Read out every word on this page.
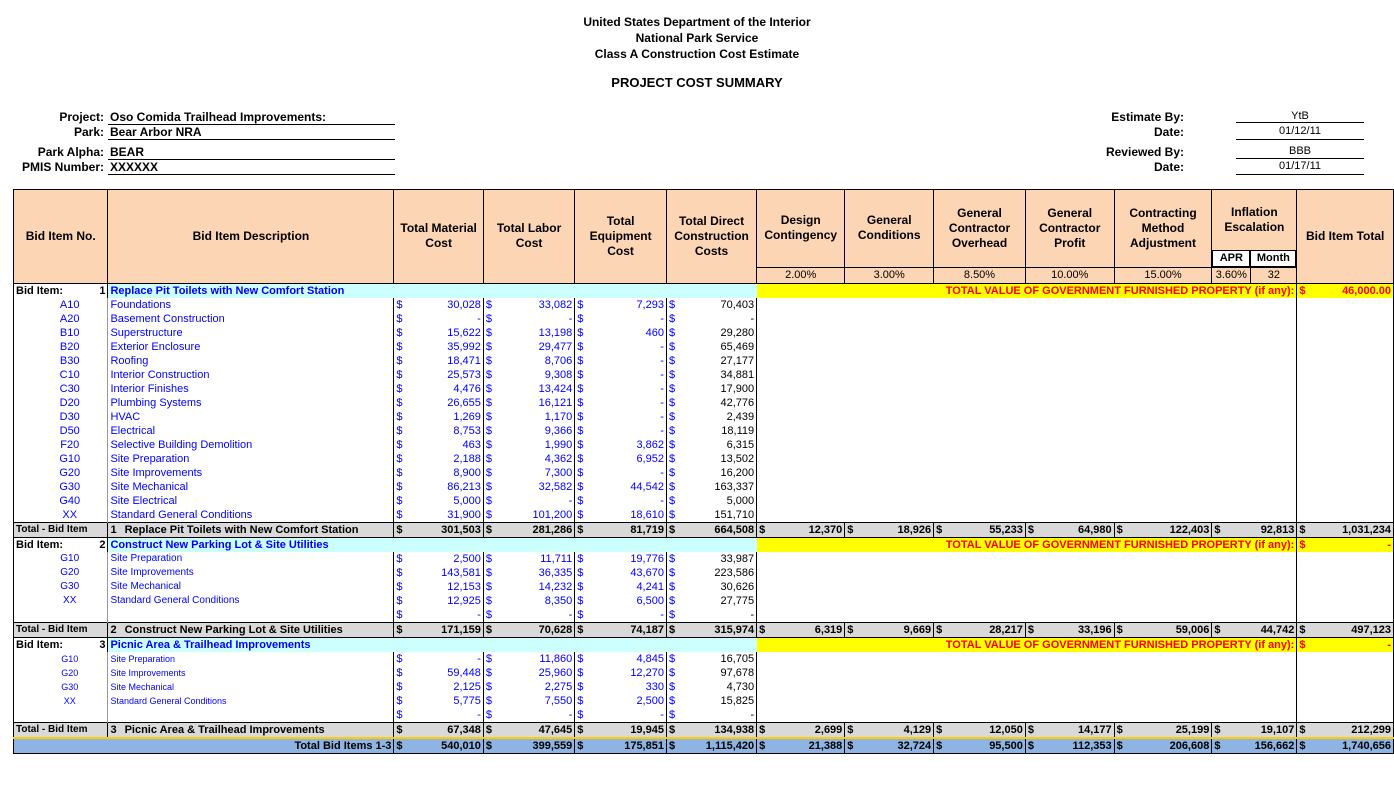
United States Department of the Interior
National Park Service
Class A Construction Cost Estimate
PROJECT COST SUMMARY
Project: Oso Comida Trailhead Improvements:
Park: Bear Arbor NRA
Park Alpha: BEAR
PMIS Number: XXXXXX
Estimate By:	YtB
Date:	01/12/11
Reviewed By:	BBB
Date:	01/17/11
Bid Item No.	Bid Item Description	Total Material Cost		Total Labor Cost		Total Equipment Cost		Total Direct Construction Costs		Design Contingency		General Conditions		General Contractor Overhead		General Contractor Profit		Contracting Method Adjustment		Inflation Escalation		Bid Item Total	

																				APR Month			

										2.00%		3.00%		8.50%		10.00%		15.00%		3.60% 32			

Bid Item: 1	Replace Pit Toilets with New Comfort Station									TOTAL VALUE OF GOVERNMENT FURNISHED PROPERTY (if any):												$	46,000.00
A10	Foundations	$	30,028	$	33,082	$	7,293	$	70,403														
A20	Basement Construction	$	-	$	-	$	-	$	-														
B10	Superstructure	$	15,622	$	13,198	$	460	$	29,280														
B20	Exterior Enclosure	$	35,992	$	29,477	$	-	$	65,469														
B30	Roofing	$	18,471	$	8,706	$	-	$	27,177														
C10	Interior Construction	$	25,573	$	9,308	$	-	$	34,881														
C30	Interior Finishes	$	4,476	$	13,424	$	-	$	17,900														
D20	Plumbing Systems	$	26,655	$	16,121	$	-	$	42,776														
D30	HVAC	$	1,269	$	1,170	$	-	$	2,439														
D50	Electrical	$	8,753	$	9,366	$	-	$	18,119														
F20	Selective Building Demolition	$	463	$	1,990	$	3,862	$	6,315														
G10	Site Preparation	$	2,188	$	4,362	$	6,952	$	13,502														
G20	Site Improvements	$	8,900	$	7,300	$	-	$	16,200														
G30	Site Mechanical	$	86,213	$	32,582	$	44,542	$	163,337														
G40	Site Electrical	$	5,000	$	-	$	-	$	5,000														
XX	Standard General Conditions	$	31,900	$	101,200	$	18,610	$	151,710														
Total - Bid Item	1 Replace Pit Toilets with New Comfort Station	$	301,503	$	281,286	$	81,719	$	664,508	$	12,370	$	18,926	$	55,233	$	64,980	$	122,403	$	92,813	$	1,031,234
Bid Item: 2	Construct New Parking Lot & Site Utilities									TOTAL VALUE OF GOVERNMENT FURNISHED PROPERTY (if any):												$	-
G10	Site Preparation	$	2,500	$	11,711	$	19,776	$	33,987														
G20	Site Improvements	$	143,581	$	36,335	$	43,670	$	223,586														
G30	Site Mechanical	$	12,153	$	14,232	$	4,241	$	30,626														
XX	Standard General Conditions	$	12,925	$	8,350	$	6,500	$	27,775														
		$	-	$	-	$	-	$	-														
Total - Bid Item	2 Construct New Parking Lot & Site Utilities	$	171,159	$	70,628	$	74,187	$	315,974	$	6,319	$	9,669	$	28,217	$	33,196	$	59,006	$	44,742	$	497,123
Bid Item: 3	Picnic Area & Trailhead Improvements									TOTAL VALUE OF GOVERNMENT FURNISHED PROPERTY (if any):												$	-
G10	Site Preparation	$	-	$	11,860	$	4,845	$	16,705														
G20	Site Improvements	$	59,448	$	25,960	$	12,270	$	97,678														
G30	Site Mechanical	$	2,125	$	2,275	$	330	$	4,730														
XX	Standard General Conditions	$	5,775	$	7,550	$	2,500	$	15,825														
		$	-	$	-	$	-	$	-														
Total - Bid Item	3 Picnic Area & Trailhead Improvements	$	67,348	$	47,645	$	19,945	$	134,938	$	2,699	$	4,129	$	12,050	$	14,177	$	25,199	$	19,107	$	212,299
Total Bid Items 1-3		$	540,010	$	399,559	$	175,851	$	1,115,420	$	21,388	$	32,724	$	95,500	$	112,353	$	206,608	$	156,662	$	1,740,656
